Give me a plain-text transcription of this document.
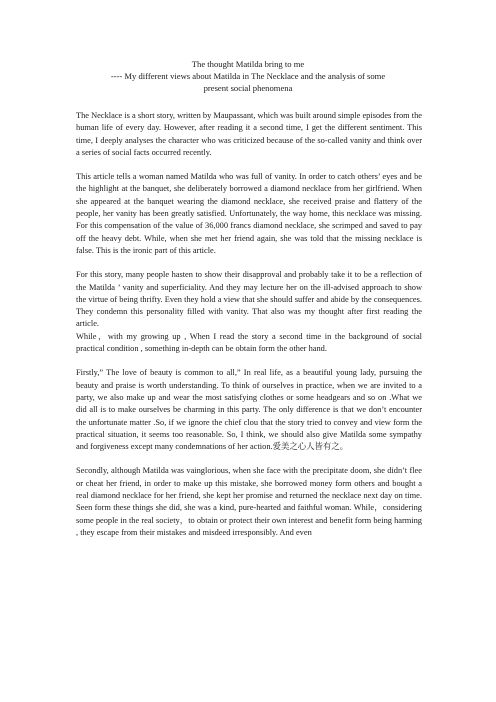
The thought Matilda bring to me

---- My different views about Matilda in The Necklace and the analysis of some

present social phenomena

The Necklace is a short story, written by Maupassant, which was built around simple episodes from the human life of every day. However, after reading it a second time, I get the different sentiment. This time, I deeply analyses the character who was criticized because of the so-called vanity and think over a series of social facts occurred recently.

This article tells a woman named Matilda who was full of vanity. In order to catch others’ eyes and be the highlight at the banquet, she deliberately borrowed a diamond necklace from her girlfriend. When she appeared at the banquet wearing the diamond necklace, she received praise and flattery of the people, her vanity has been greatly satisfied. Unfortunately, the way home, this necklace was missing. For this compensation of the value of 36,000 francs diamond necklace, she scrimped and saved to pay off the heavy debt. While, when she met her friend again, she was told that the missing necklace is false. This is the ironic part of this article.

For this story, many people hasten to show their disapproval and probably take it to be a reflection of the Matilda ’ vanity and superficiality. And they may lecture her on the ill-advised approach to show the virtue of being thrifty. Even they hold a view that she should suffer and abide by the consequences. They condemn this personality filled with vanity. That also was my thought after first reading the article.

While，with my growing up , When I read the story a second time in the background of social practical condition , something in-depth can be obtain form the other hand.

Firstly,” The love of beauty is common to all,” In real life, as a beautiful young lady, pursuing the beauty and praise is worth understanding. To think of ourselves in practice, when we are invited to a party, we also make up and wear the most satisfying clothes or some headgears and so on .What we did all is to make ourselves be charming in this party. The only difference is that we don’t encounter the unfortunate matter .So, if we ignore the chief clou that the story tried to convey and view form the practical situation, it seems too reasonable. So, I think, we should also give Matilda some sympathy and forgiveness except many condemnations of her action.爱美之心人皆有之。

Secondly, although Matilda was vainglorious, when she face with the precipitate doom, she didn’t flee or cheat her friend, in order to make up this mistake, she borrowed money form others and bought a real diamond necklace for her friend, she kept her promise and returned the necklace next day on time. Seen form these things she did, she was a kind, pure-hearted and faithful woman. While，considering some people in the real society，to obtain or protect their own interest and benefit form being harming , they escape from their mistakes and misdeed irresponsibly. And even
